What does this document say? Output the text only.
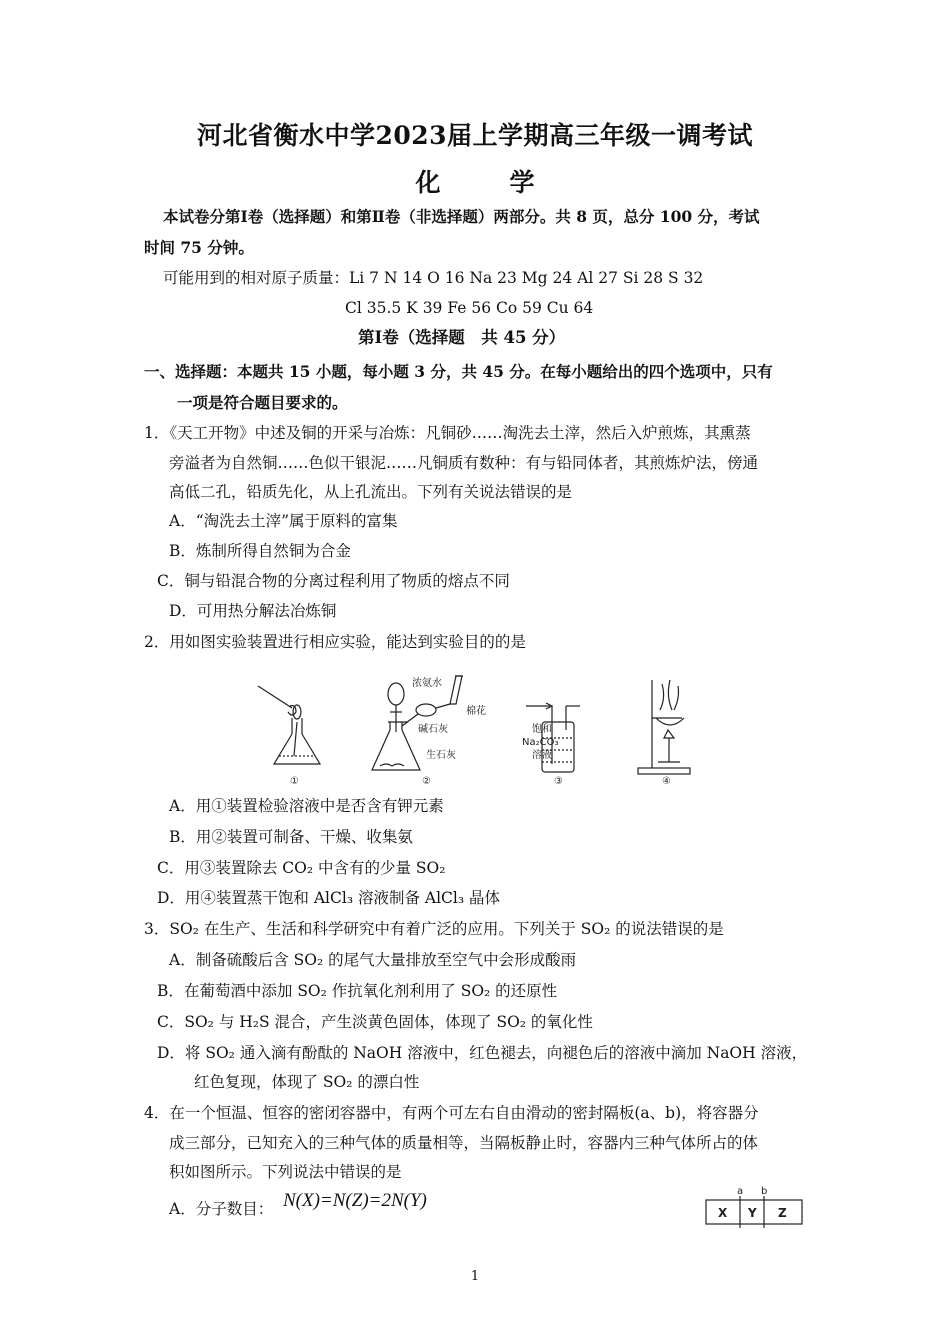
河北省衡水中学2023届上学期高三年级一调考试
化　学
本试卷分第Ⅰ卷（选择题）和第Ⅱ卷（非选择题）两部分。共 8 页，总分 100 分，考试
时间 75 分钟。
可能用到的相对原子质量：Li 7 N 14 O 16 Na 23 Mg 24 Al 27 Si 28 S 32
Cl 35.5 K 39 Fe 56 Co 59 Cu 64
第Ⅰ卷（选择题　共 45 分）
一、选择题：本题共 15 小题，每小题 3 分，共 45 分。在每小题给出的四个选项中，只有
一项是符合题目要求的。
1．《天工开物》中述及铜的开采与冶炼：凡铜砂……淘洗去土滓，然后入炉煎炼，其熏蒸
旁溢者为自然铜……色似干银泥……凡铜质有数种：有与铅同体者，其煎炼炉法，傍通
高低二孔，铅质先化，从上孔流出。下列有关说法错误的是
A．“淘洗去土滓”属于原料的富集
B．炼制所得自然铜为合金
C．铜与铅混合物的分离过程利用了物质的熔点不同
D．可用热分解法冶炼铜
2．用如图实验装置进行相应实验，能达到实验目的的是
①
浓氨水
碱石灰
生石灰
棉花
②
饱和
Na₂CO₃
溶液
③	④
A．用①装置检验溶液中是否含有钾元素
B．用②装置可制备、干燥、收集氨
C．用③装置除去 CO₂ 中含有的少量 SO₂
D．用④装置蒸干饱和 AlCl₃ 溶液制备 AlCl₃ 晶体
3．SO₂ 在生产、生活和科学研究中有着广泛的应用。下列关于 SO₂ 的说法错误的是
A．制备硫酸后含 SO₂ 的尾气大量排放至空气中会形成酸雨
B．在葡萄酒中添加 SO₂ 作抗氧化剂利用了 SO₂ 的还原性
C．SO₂ 与 H₂S 混合，产生淡黄色固体，体现了 SO₂ 的氧化性
D．将 SO₂ 通入滴有酚酞的 NaOH 溶液中，红色褪去，向褪色后的溶液中滴加 NaOH 溶液，
红色复现，体现了 SO₂ 的漂白性
4．在一个恒温、恒容的密闭容器中，有两个可左右自由滑动的密封隔板(a、b)，将容器分
成三部分，已知充入的三种气体的质量相等，当隔板静止时，容器内三种气体所占的体
积如图所示。下列说法中错误的是
A．分子数目： N(X)=N(Z)=2N(Y)	a b
X Y Z
1
